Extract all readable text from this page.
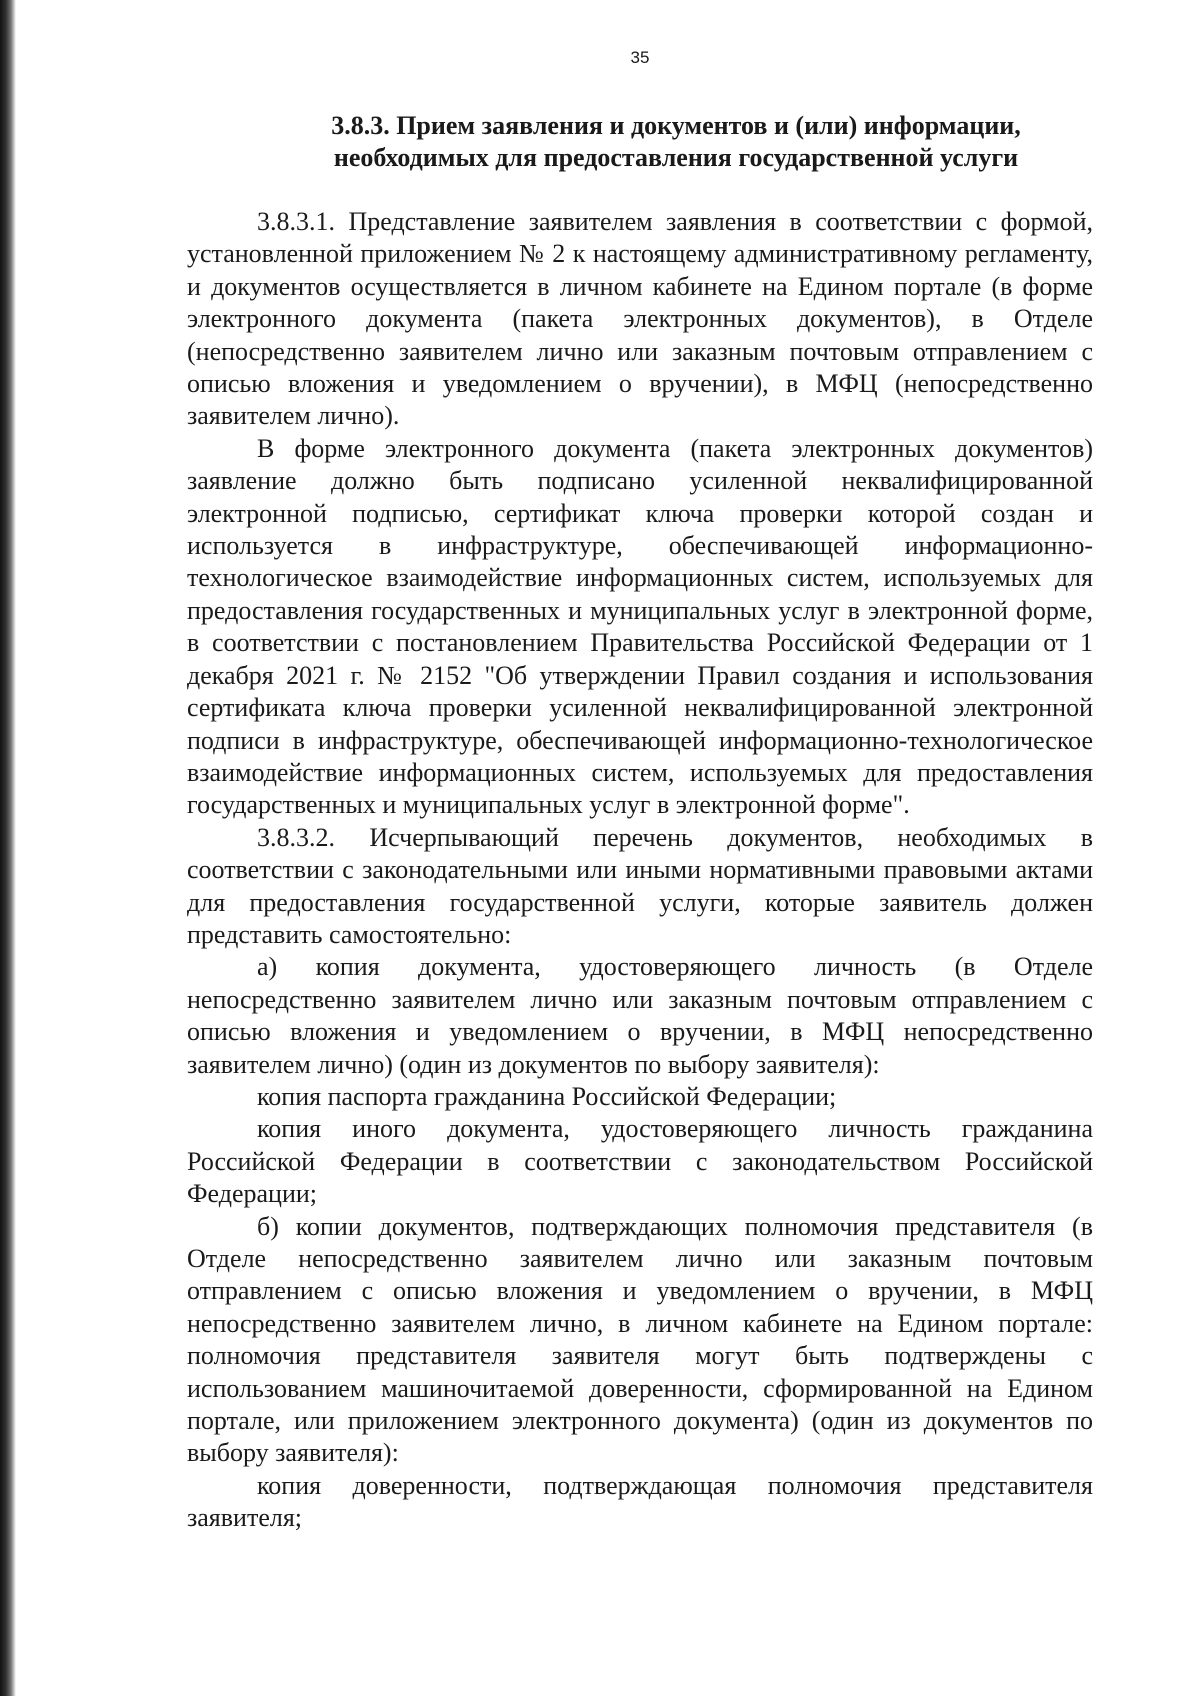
35
3.8.3. Прием заявления и документов и (или) информации,
необходимых для предоставления государственной услуги

3.8.3.1. Представление заявителем заявления в соответствии с формой, установленной приложением № 2 к настоящему административному регламенту, и документов осуществляется в личном кабинете на Едином портале (в форме электронного документа (пакета электронных документов), в Отделе (непосредственно заявителем лично или заказным почтовым отправлением с описью вложения и уведомлением о вручении), в МФЦ (непосредственно заявителем лично).

В форме электронного документа (пакета электронных документов) заявление должно быть подписано усиленной неквалифицированной электронной подписью, сертификат ключа проверки которой создан и используется в инфраструктуре, обеспечивающей информационно-технологическое взаимодействие информационных систем, используемых для предоставления государственных и муниципальных услуг в электронной форме, в соответствии с постановлением Правительства Российской Федерации от 1 декабря 2021 г. № 2152 "Об утверждении Правил создания и использования сертификата ключа проверки усиленной неквалифицированной электронной подписи в инфраструктуре, обеспечивающей информационно-технологическое взаимодействие информационных систем, используемых для предоставления государственных и муниципальных услуг в электронной форме".

3.8.3.2. Исчерпывающий перечень документов, необходимых в соответствии с законодательными или иными нормативными правовыми актами для предоставления государственной услуги, которые заявитель должен представить самостоятельно:

а) копия документа, удостоверяющего личность (в Отделе непосредственно заявителем лично или заказным почтовым отправлением с описью вложения и уведомлением о вручении, в МФЦ непосредственно заявителем лично) (один из документов по выбору заявителя):

копия паспорта гражданина Российской Федерации;

копия иного документа, удостоверяющего личность гражданина Российской Федерации в соответствии с законодательством Российской Федерации;

б) копии документов, подтверждающих полномочия представителя (в Отделе непосредственно заявителем лично или заказным почтовым отправлением с описью вложения и уведомлением о вручении, в МФЦ непосредственно заявителем лично, в личном кабинете на Едином портале: полномочия представителя заявителя могут быть подтверждены с использованием машиночитаемой доверенности, сформированной на Едином портале, или приложением электронного документа) (один из документов по выбору заявителя):

копия доверенности, подтверждающая полномочия представителя заявителя;
